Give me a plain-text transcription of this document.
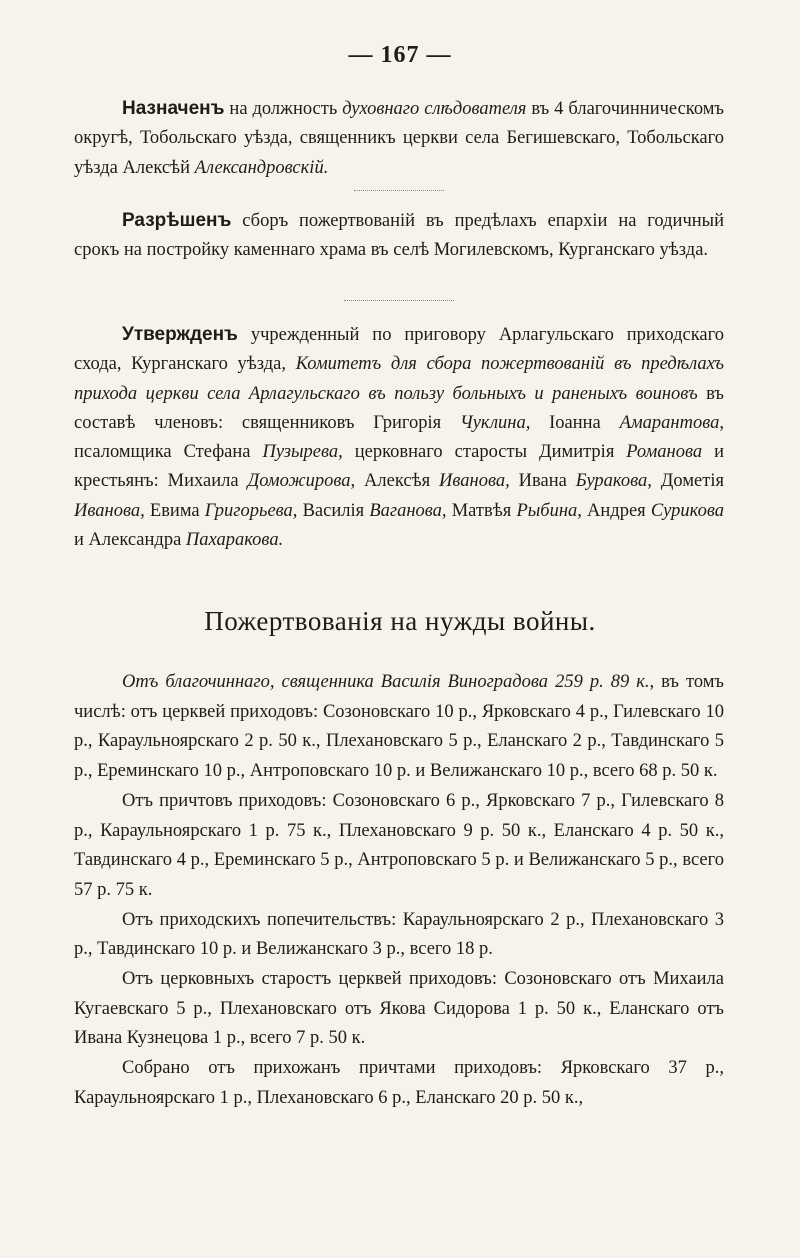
— 167 —

Назначенъ на должность духовнаго слѣдователя въ 4 благочинническомъ округѣ, Тобольскаго уѣзда, священникъ церкви села Бегишевскаго, Тобольскаго уѣзда Алексѣй Александровскій.

Разрѣшенъ сборъ пожертвованій въ предѣлахъ епархіи на годичный срокъ на постройку каменнаго храма въ селѣ Могилевскомъ, Курганскаго уѣзда.

Утвержденъ учрежденный по приговору Арлагульскаго приходскаго схода, Курганскаго уѣзда, Комитетъ для сбора пожертвованій въ предѣлахъ прихода церкви села Арлагульскаго въ пользу больныхъ и раненыхъ воиновъ въ составѣ членовъ: священниковъ Григорія Чуклина, Іоанна Амарантова, псаломщика Стефана Пузырева, церковнаго старосты Димитрія Романова и крестьянъ: Михаила Доможирова, Алексѣя Иванова, Ивана Буракова, Дометія Иванова, Евима Григорьева, Василія Ваганова, Матвѣя Рыбина, Андрея Сурикова и Александра Пахаракова.

Пожертвованія на нужды войны.

Отъ благочиннаго, священника Василія Виноградова 259 р. 89 к., въ томъ числѣ: отъ церквей приходовъ: Созоновскаго 10 р., Ярковскаго 4 р., Гилевскаго 10 р., Караульноярскаго 2 р. 50 к., Плехановскаго 5 р., Еланскаго 2 р., Тавдинскаго 5 р., Ереминскаго 10 р., Антроповскаго 10 р. и Велижанскаго 10 р., всего 68 р. 50 к.

Отъ причтовъ приходовъ: Созоновскаго 6 р., Ярковскаго 7 р., Гилевскаго 8 р., Караульноярскаго 1 р. 75 к., Плехановскаго 9 р. 50 к., Еланскаго 4 р. 50 к., Тавдинскаго 4 р., Ереминскаго 5 р., Антроповскаго 5 р. и Велижанскаго 5 р., всего 57 р. 75 к.

Отъ приходскихъ попечительствъ: Караульноярскаго 2 р., Плехановскаго 3 р., Тавдинскаго 10 р. и Велижанскаго 3 р., всего 18 р.

Отъ церковныхъ старостъ церквей приходовъ: Созоновскаго отъ Михаила Кугаевскаго 5 р., Плехановскаго отъ Якова Сидорова 1 р. 50 к., Еланскаго отъ Ивана Кузнецова 1 р., всего 7 р. 50 к.

Собрано отъ прихожанъ причтами приходовъ: Ярковскаго 37 р., Караульноярскаго 1 р., Плехановскаго 6 р., Еланскаго 20 р. 50 к.,
